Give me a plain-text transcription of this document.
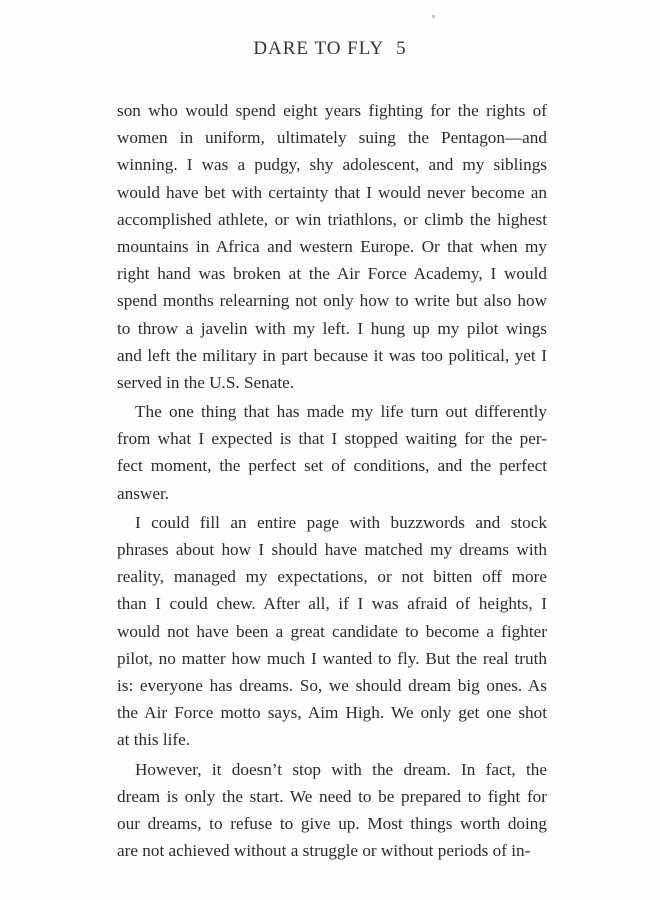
DARE TO FLY 5

son who would spend eight years fighting for the rights of
women in uniform, ultimately suing the Pentagon—and
winning. I was a pudgy, shy adolescent, and my siblings
would have bet with certainty that I would never become an
accomplished athlete, or win triathlons, or climb the highest
mountains in Africa and western Europe. Or that when my
right hand was broken at the Air Force Academy, I would
spend months relearning not only how to write but also how
to throw a javelin with my left. I hung up my pilot wings
and left the military in part because it was too political, yet I
served in the U.S. Senate.

The one thing that has made my life turn out differently
from what I expected is that I stopped waiting for the per-
fect moment, the perfect set of conditions, and the perfect
answer.

I could fill an entire page with buzzwords and stock
phrases about how I should have matched my dreams with
reality, managed my expectations, or not bitten off more
than I could chew. After all, if I was afraid of heights, I
would not have been a great candidate to become a fighter
pilot, no matter how much I wanted to fly. But the real truth
is: everyone has dreams. So, we should dream big ones. As
the Air Force motto says, Aim High. We only get one shot
at this life.

However, it doesn’t stop with the dream. In fact, the
dream is only the start. We need to be prepared to fight for
our dreams, to refuse to give up. Most things worth doing
are not achieved without a struggle or without periods of in-
